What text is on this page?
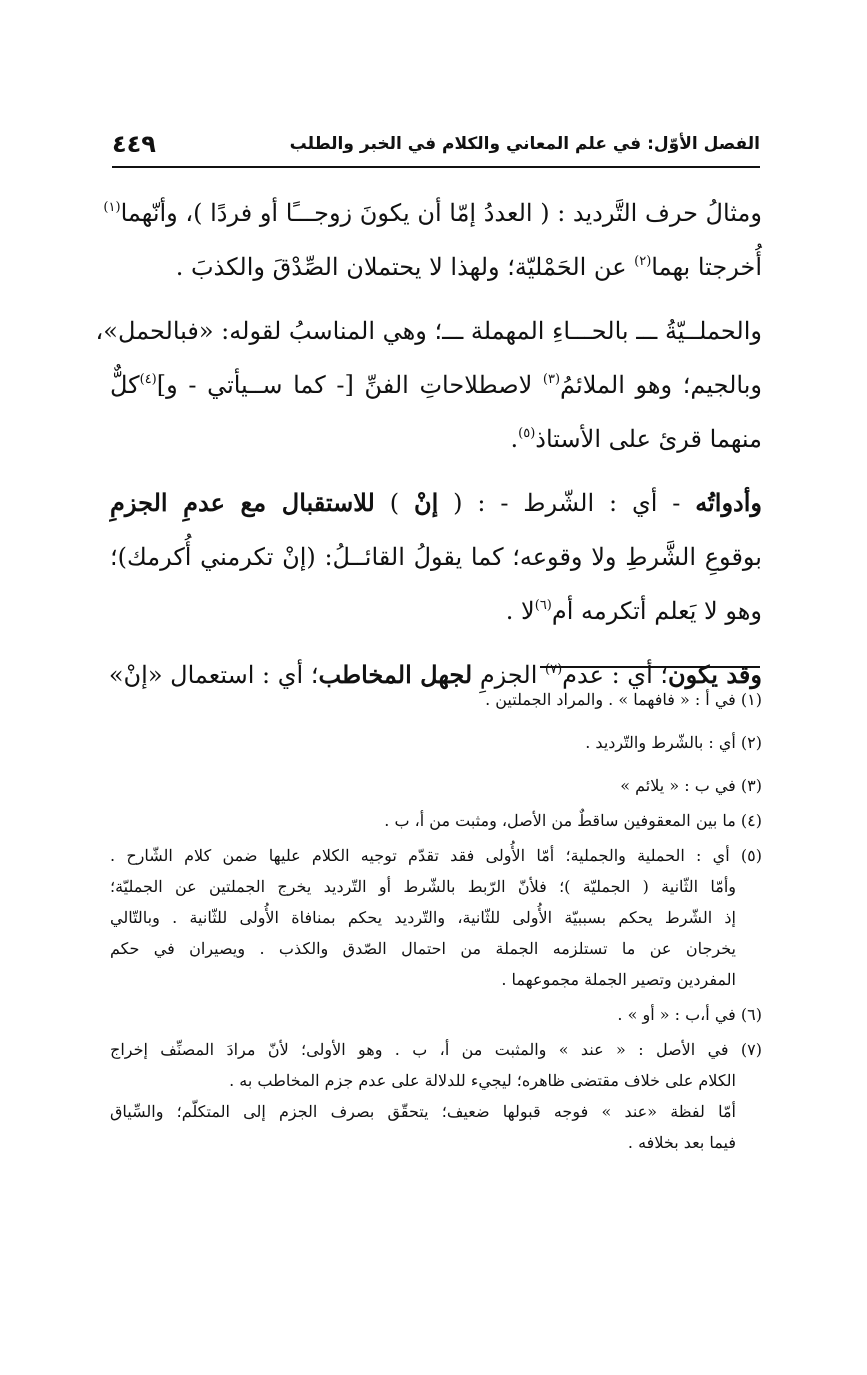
الفصل الأوّل: في علم المعاني والكلام في الخبر والطلب
٤٤٩
ومثالُ حرف التَّرديد : ( العددُ إمّا أن يكونَ زوجـــًا أو فردًا )، وأنّهما$^{(١)}$
أُخرجتا بهما$^{(٢)}$ عن الحَمْليّة؛ ولهذا لا يحتملان الصِّدْقَ والكذبَ .
والحملــيّةُ ـــ بالحـــاءِ المهملة ـــ؛ وهي المناسبُ لقوله: «فبالحمل»،
وبالجيم؛ وهو الملائمُ$^{(٣)}$ لاصطلاحاتِ الفنِّ [- كما ســيأتي - و]$^{(٤)}$كلٌّ
منهما قرئ على الأستاذ$^{(٥)}$.
وأدواتُه - أي : الشّرط - : ( إنْ ) للاستقبال مع عدمِ الجزمِ
بوقوعِ الشَّرطِ ولا وقوعه؛ كما يقولُ القائــلُ: (إنْ تكرمني أُكرمك)؛
وهو لا يَعلم أتكرمه أم$^{(٦)}$لا .
وقد يكون؛ أي : عدم$^{(٧)}$ الجزمِ لجهل المخاطب؛ أي : استعمال «إنْ»
(١) في أ : « فافهما » . والمراد الجملتين .
(٢) أي : بالشّرط والتّرديد .
(٣) في ب : « يلائم »
(٤) ما بين المعقوفين ساقطٌ من الأصل، ومثبت من أ، ب .
(٥) أي : الحملية والجملية؛ أمّا الأُولى فقد تقدّم توجيه الكلام عليها ضمن كلام الشّارح .
وأمّا الثّانية ( الجمليّة )؛ فلأنّ الرّبط بالشّرط أو التّرديد يخرج الجملتين عن الجمليّة؛
إذ الشّرط يحكم بسببيّة الأُولى للثّانية، والتّرديد يحكم بمنافاة الأُولى للثّانية . وبالتّالي
يخرجان عن ما تستلزمه الجملة من احتمال الصّدق والكذب . ويصيران في حكم
المفردين وتصير الجملة مجموعهما .
(٦) في أ،ب : « أو » .
(٧) في الأصل : « عند » والمثبت من أ، ب . وهو الأولى؛ لأنّ مرادَ المصنِّف إخراج
الكلام على خلاف مقتضى ظاهره؛ ليجيء للدلالة على عدم جزم المخاطب به .
أمّا لفظة «عند » فوجه قبولها ضعيف؛ يتحقّق بصرف الجزم إلى المتكلّم؛ والسِّياق
فيما بعد بخلافه .
